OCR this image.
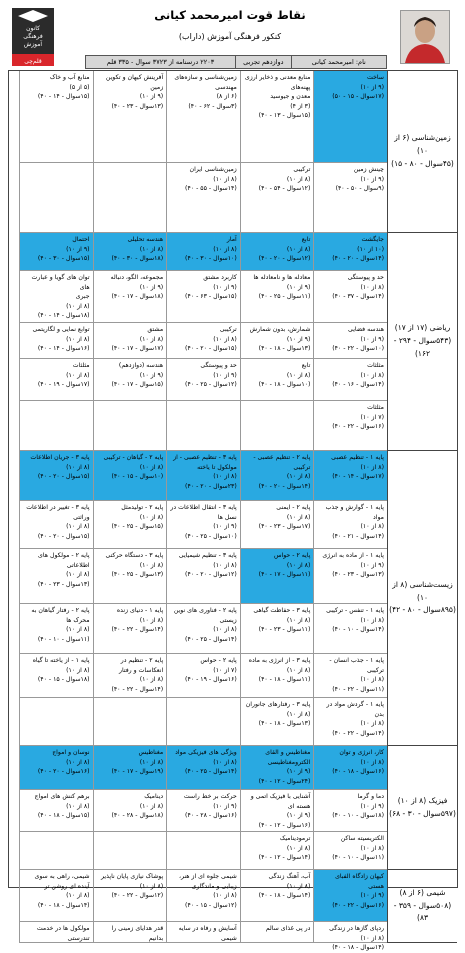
نقاط قوت امیرمحمد کیانی
کنکور فرهنگی آموزش (داراب)
کانون
فرهنگی
آموزش
قلم‌چی	نام: امیرمحمد کیانی
دوازدهم تجربی
۲۲۰۳ درسنامه از ۳۷۲۳ سوال - ۳۳۵ قلم
زمین‌شناسی (۶ از ۱۰)
(۴۵سوال - ۸۰ - ۱۵)
ریاضی (۱۷ از ۱۷)
(۵۴۳سوال - ۲۹۴ - ۱۶۲)
زیست‌شناسی (۸ از ۱۰)
(۸۹۵سوال - ۸۰ - ۴۲)
فیزیک (۸ از ۱۰)
(۵۹۷سوال - ۳۰ - ۶۸)
شیمی (۶ از ۸)
(۵۰۸سوال - ۳۵۹ - ۸۳)
ساخت
(۹ از ۱۰)
(۱۷سوال - ۱۵ - ۵۰)
منابع معدنی و ذخایر ارزی پهنه‌های
معدن و جیوسید
(۳ از ۴)
(۱۵سوال - ۱۳ - ۴۰)
زمین‌شناسی و سازه‌های
مهندسی
(۶ از ۸)
(۳سوال - ۶۲ - ۴۰)
آفرینش کیهان و تکوین
زمین
(۹ از ۱۰)
(۱۳سوال - ۲۳ - ۴۰)
منابع آب و خاک
(۵ از ۵)
(۱۵سوال - ۱۴ - ۴۰)
چینش زمین
(۹ از ۱۰)
(۹سوال - ۵۰ - ۴۰)
ترکیبی
(۸ از ۱۰)
(۱۲سوال - ۵۴ - ۴۰)
زمین‌شناسی ایران
(۸ از ۱۰)
(۱۴سوال - ۵۵ - ۴۰)
جایگشت
(۱۰ از ۱۰)
(۱۴سوال - ۲۰ - ۴۰)
تابع
(۸ از ۱۰)
(۱۲سوال - ۲۰ - ۴۰)
آمار
(۸ از ۱۰)
(۱۰سوال - ۳۰ - ۴۰)
هندسه تحلیلی
(۸ از ۱۰)
(۱۸سوال - ۳۰ - ۴۰)
احتمال
(۹ از ۱۰)
(۱۵سوال - ۳۰ - ۴۰)
حد و پیوستگی
(۸ از ۱۰)
(۱۴سوال - ۳۷ - ۴۰)
معادله ها و نامعادله ها
(۹ از ۱۰)
(۱۱سوال - ۲۵ - ۴۰)
کاربرد مشتق
(۹ از ۱۰)
(۱۵سوال - ۶۳ - ۴۰)
مجموعه، الگو، دنباله
(۹ از ۱۰)
(۱۸سوال - ۱۷ - ۴۰)
توان های گویا و عبارت های
جبری
(۸ از ۱۰)
(۱۸سوال - ۱۴ - ۴۰)
هندسه فضایی
(۹ از ۱۰)
(۱۰سوال - ۲۲ - ۴۰)
شمارش، بدون شمارش
(۹ از ۱۰)
(۱۳سوال - ۱۸ - ۴۰)
ترکیبی
(۸ از ۱۰)
(۱۵سوال - ۲۰ - ۴۰)
مشتق
(۸ از ۱۰)
(۱۷سوال - ۱۷ - ۴۰)
توابع نمایی و لگاریتمی
(۸ از ۱۰)
(۱۶سوال - ۱۴ - ۴۰)
مثلثات
(۸ از ۱۰)
(۱۴سوال - ۱۶ - ۴۰)
تابع
(۸ از ۱۰)
(۱۰سوال - ۱۸ - ۴۰)
حد و پیوستگی
(۹ از ۱۰)
(۱۲سوال - ۲۵ - ۴۰)
هندسه (دوازدهم)
(۹ از ۱۰)
(۱۵سوال - ۱۷ - ۴۰)
مثلثات
(۸ از ۱۰)
(۱۷سوال - ۱۹ - ۴۰)
مثلثات
(۷ از ۱۰)
(۱۶سوال - ۲۲ - ۴۰)
پایه ۱ - تنظیم عصبی
(۸ از ۱۰)
(۱۷سوال - ۱۴ - ۴۰)
پایه ۲ - تنظیم عصبی - ترکیبی
(۸ از ۱۰)
(۱۴سوال - ۲۰ - ۴۰)
پایه ۳ - تنظیم عصبی - از مولکول تا یاخته
(۸ از ۱۰)
(۲۳سوال - ۲۰ - ۴۰)
پایه ۲ - گیاهان - ترکیبی
(۸ از ۱۰)
(۱۰سوال - ۱۵ - ۴۰)
پایه ۳ - جریان اطلاعات
(۸ از ۱۰)
(۱۵سوال - ۲۰ - ۴۰)
پایه ۱ - گوارش و جذب مواد
(۸ از ۱۰)
(۱۴سوال - ۲۱ - ۴۰)
پایه ۲ - ایمنی
(۸ از ۱۰)
(۱۷سوال - ۲۳ - ۴۰)
پایه ۳ - انتقال اطلاعات در نسل ها
(۹ از ۱۰)
(۱۰سوال - ۲۵ - ۴۰)
پایه ۲ - تولیدمثل
(۸ از ۱۰)
(۱۵سوال - ۲۵ - ۴۰)
پایه ۳ - تغییر در اطلاعات وراثتی
(۸ از ۱۰)
(۱۵سوال - ۲۰ - ۴۰)
پایه ۱ - از ماده به انرژی
(۹ از ۱۰)
(۱۳سوال - ۲۳ - ۴۰)
پایه ۲ - حواس
(۸ از ۱۰)
(۱۱سوال - ۱۷ - ۴۰)
پایه ۳ - تنظیم شیمیایی
(۸ از ۱۰)
(۱۲سوال - ۲۰ - ۴۰)
پایه ۳ - دستگاه حرکتی
(۸ از ۱۰)
(۱۳سوال - ۲۵ - ۴۰)
پایه ۲ - مولکول های اطلاعاتی
(۸ از ۱۰)
(۱۳سوال - ۲۳ - ۴۰)
پایه ۱ - تنفس - ترکیبی
(۸ از ۱۰)
(۱۴سوال - ۱۰ - ۴۰)
پایه ۳ - حفاظت گیاهی
(۸ از ۱۰)
(۱۱سوال - ۲۳ - ۴۰)
پایه ۲ - فناوری های نوین زیستی
(۸ از ۱۰)
(۱۴سوال - ۲۵ - ۴۰)
پایه ۱ - دنیای زنده
(۸ از ۱۰)
(۱۴سوال - ۲۲ - ۴۰)
پایه ۲ - رفتار گیاهان به محرک ها
(۸ از ۱۰)
(۱۱سوال - ۱۰ - ۴۰)
پایه ۱ - جذب انسان - ترکیبی
(۸ از ۱۰)
(۱۱سوال - ۲۲ - ۴۰)
پایه ۳ - از انرژی به ماده
(۸ از ۱۰)
(۱۱سوال - ۱۸ - ۴۰)
پایه ۲ - حواس
(۷ از ۱۰)
(۱۶سوال - ۱۹ - ۴۰)
پایه ۲ - تنظیم در انعکاسات و رفتار
(۸ از ۱۰)
(۱۴سوال - ۲۲ - ۴۰)
پایه ۱ - از یاخته تا گیاه
(۸ از ۱۰)
(۱۸سوال - ۱۵ - ۴۰)
پایه ۱ - گردش مواد در بدن
(۸ از ۱۰)
(۱۴سوال - ۲۲ - ۴۰)
پایه ۳ - رفتارهای جانوران
(۸ از ۱۰)
(۱۳سوال - ۱۸ - ۴۰)
کار، انرژی و توان
(۸ از ۱۰)
(۱۶سوال - ۱۸ - ۴۰)
مغناطیس و القای الکترومغناطیسی
(۹ از ۱۰)
(۲۴سوال - ۱۲ - ۴۰)
ویژگی های فیزیکی مواد
(۸ از ۱۰)
(۱۴سوال - ۲۵ - ۴۰)
مغناطیس
(۸ از ۱۰)
(۱۹سوال - ۱۷ - ۴۰)
نوسان و امواج
(۸ از ۱۰)
(۱۶سوال - ۲۰ - ۴۰)
دما و گرما
(۹ از ۱۰)
(۱۸سوال - ۱۰ - ۴۰)
آشنایی با فیزیک اتمی و هسته ای
(۹ از ۱۰)
(۱۶سوال - ۱۲ - ۴۰)
حرکت بر خط راست
(۹ از ۱۰)
(۱۶سوال - ۲۸ - ۴۰)
دینامیک
(۸ از ۱۰)
(۱۸سوال - ۲۸ - ۴۰)
برهم کنش های امواج
(۸ از ۱۰)
(۱۵سوال - ۱۸ - ۴۰)
الکتریسیته ساکن
(۸ از ۱۰)
(۱۱سوال - ۱۰ - ۴۰)
ترمودینامیک
(۸ از ۱۰)
(۱۴سوال - ۱۲ - ۴۰)
کیهان زادگاه الفبای هستی
(۹ از ۱۰)
(۱۶سوال - ۲۲ - ۴۰)
آب، آهنگ زندگی
(۸ از ۱۰)
(۱۴سوال - ۱۸ - ۴۰)
شیمی جلوه ای از هنر، زیبایی و ماندگاری
(۸ از ۱۰)
(۱۲سوال - ۱۵ - ۴۰)
پوشاک نیازی پایان ناپذیر
(۸ از ۱۰)
(۱۲سوال - ۲۲ - ۴۰)
شیمی، راهی به سوی آینده ای روشن تر
(۸ از ۱۰)
(۱۴سوال - ۱۸ - ۴۰)
ردپای گازها در زندگی
(۸ از ۱۰)
(۱۴سوال - ۱۸ - ۴۰)
در پی غذای سالم
آسایش و رفاه در سایه شیمی
قدر هدایای زمینی را بدانیم
مولکول ها در خدمت تندرستی
